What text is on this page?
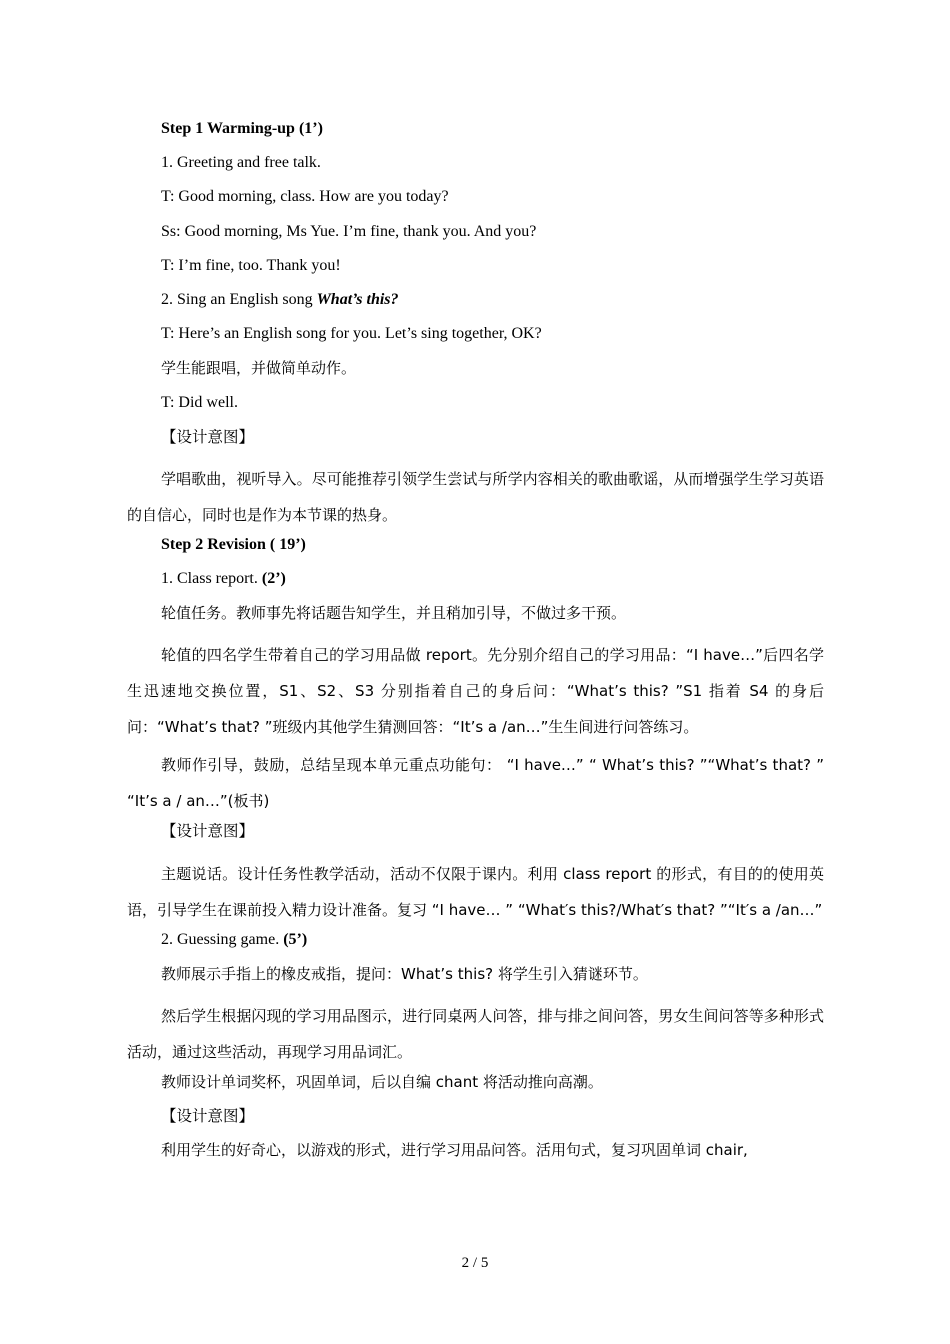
Step 1 Warming-up (1’)

1. Greeting and free talk.

T: Good morning, class. How are you today?

Ss: Good morning, Ms Yue. I’m fine, thank you. And you?

T: I’m fine, too. Thank you!

2. Sing an English song What’s this?

T: Here’s an English song for you. Let’s sing together, OK?

学生能跟唱，并做简单动作。

T: Did well.

【设计意图】

学唱歌曲，视听导入。尽可能推荐引领学生尝试与所学内容相关的歌曲歌谣，从而增强学生学习英语的自信心，同时也是作为本节课的热身。

Step 2 Revision ( 19’)

1. Class report. (2’)

轮值任务。教师事先将话题告知学生，并且稍加引导，不做过多干预。

轮值的四名学生带着自己的学习用品做 report。先分别介绍自己的学习用品：“I have…”后四名学生迅速地交换位置，S1、S2、S3 分别指着自己的身后问：“What’s this? ”S1 指着 S4 的身后问：“What’s that? ”班级内其他学生猜测回答：“It’s a /an…”生生间进行问答练习。

教师作引导，鼓励，总结呈现本单元重点功能句： “I have…” “ What’s this? ”“What’s that? ” “It’s a / an…”(板书)

【设计意图】

主题说话。设计任务性教学活动，活动不仅限于课内。利用 class report 的形式，有目的的使用英语，引导学生在课前投入精力设计准备。复习 “I have… ” “What′s this?/What′s that? ”“It′s a /an…”

2. Guessing game. (5’)

教师展示手指上的橡皮戒指，提问：What’s this? 将学生引入猜谜环节。

然后学生根据闪现的学习用品图示，进行同桌两人问答，排与排之间问答，男女生间问答等多种形式活动，通过这些活动，再现学习用品词汇。

教师设计单词奖杯，巩固单词，后以自编 chant 将活动推向高潮。

【设计意图】

利用学生的好奇心，以游戏的形式，进行学习用品问答。活用句式，复习巩固单词 chair,

2 / 5
